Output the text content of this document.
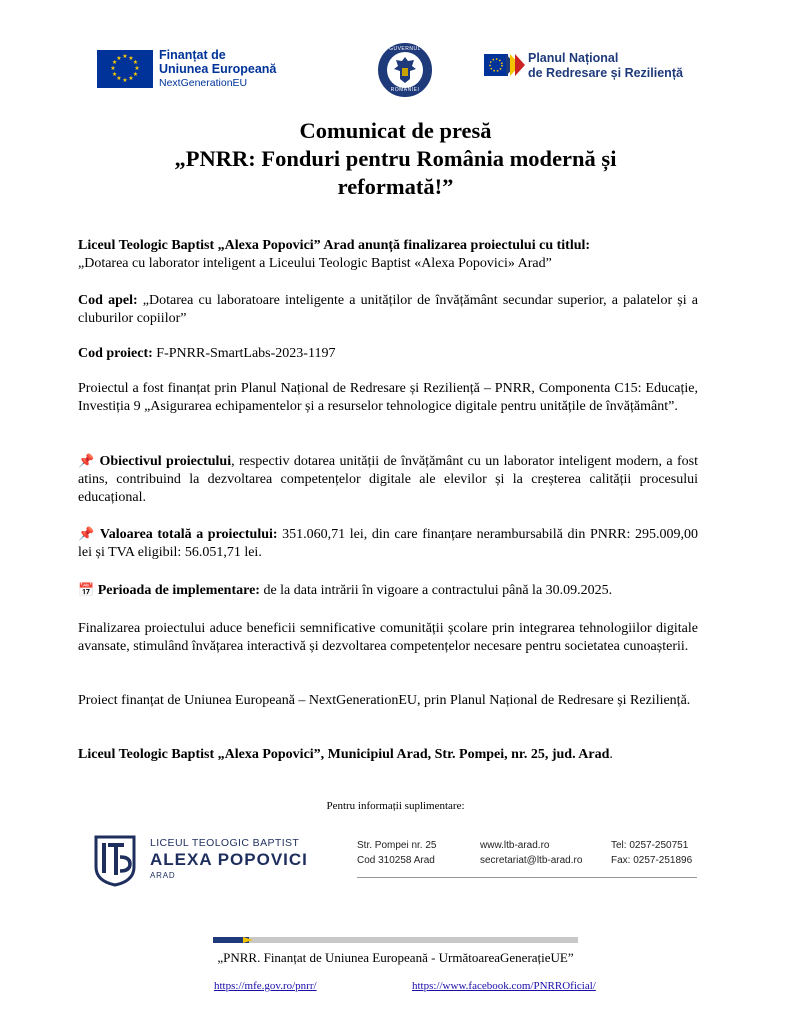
★ ★
★
★
★
★
★
★
★
★
★
★	Finanțat de
Uniunea Europeană
NextGenerationEU
GUVERNUL
ROMÂNIEI
Planul Național
de Redresare și Reziliență
Comunicat de presă
„PNRR: Fonduri pentru România modernă și
reformată!”
Liceul Teologic Baptist „Alexa Popovici” Arad anunță finalizarea proiectului cu titlul:
„Dotarea cu laborator inteligent a Liceului Teologic Baptist «Alexa Popovici» Arad”
Cod apel: „Dotarea cu laboratoare inteligente a unităților de învățământ secundar superior, a palatelor și a cluburilor copiilor”
Cod proiect: F-PNRR-SmartLabs-2023-1197
Proiectul a fost finanțat prin Planul Național de Redresare și Reziliență – PNRR, Componenta C15: Educație, Investiția 9 „Asigurarea echipamentelor și a resurselor tehnologice digitale pentru unitățile de învățământ”.
📌 Obiectivul proiectului, respectiv dotarea unității de învățământ cu un laborator inteligent modern, a fost atins, contribuind la dezvoltarea competențelor digitale ale elevilor și la creșterea calității procesului educațional.
📌 Valoarea totală a proiectului: 351.060,71 lei, din care finanțare nerambursabilă din PNRR: 295.009,00 lei și TVA eligibil: 56.051,71 lei.
📅 Perioada de implementare: de la data intrării în vigoare a contractului până la 30.09.2025.
Finalizarea proiectului aduce beneficii semnificative comunității școlare prin integrarea tehnologiilor digitale avansate, stimulând învățarea interactivă și dezvoltarea competențelor necesare pentru societatea cunoașterii.
Proiect finanțat de Uniunea Europeană – NextGenerationEU, prin Planul Național de Redresare și Reziliență.
Liceul Teologic Baptist „Alexa Popovici”, Municipiul Arad, Str. Pompei, nr. 25, jud. Arad.
Pentru informații suplimentare:
LICEUL TEOLOGIC BAPTIST
ALEXA POPOVICI
ARAD
Str. Pompei nr. 25
Cod 310258 Arad
www.ltb-arad.ro
secretariat@ltb-arad.ro
Tel: 0257-250751
Fax: 0257-251896
„PNRR. Finanțat de Uniunea Europeană - UrmătoareaGenerațieUE”
https://mfe.gov.ro/pnrr/	https://www.facebook.com/PNRROficial/
